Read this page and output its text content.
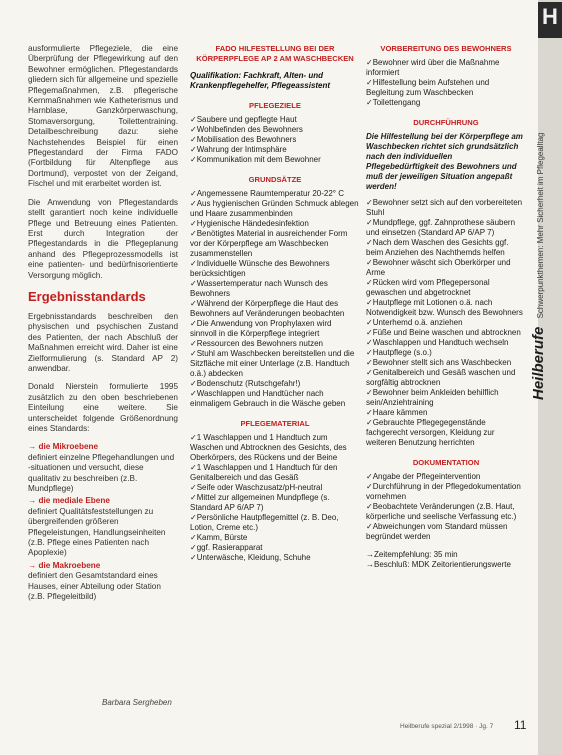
ausformulierte Pflegeziele, die eine Überprüfung der Pflegewirkung auf den Bewohner ermöglichen. Pflegestandards gliedern sich für allgemeine und spezielle Pflegemaßnahmen, z.B. pflegerische Kernmaßnahmen wie Katheterismus und Harnblase, Ganzkörperwaschung, Stomaversorgung, Toilettentraining. Detailbeschreibung dazu: siehe Nachstehendes Beispiel für einen Pflegestandard der Firma FADO (Fortbildung für Altenpflege aus Dortmund), verpostet von der Zeigand, Fischel und mit erarbeitet worden ist.

Die Anwendung von Pflegestandards stellt garantiert noch keine individuelle Pflege und Betreuung eines Patienten. Erst durch Integration der Pflegestandards in die Pflegeplanung anhand des Pflegeprozessmodells ist eine patienten- und bedürfnisorientierte Versorgung möglich.

Ergebnisstandards

Ergebnisstandards beschreiben den physischen und psychischen Zustand des Patienten, der nach Abschluß der Maßnahmen erreicht wird. Daher ist eine Zielformulierung (s. Standard AP 2) anwendbar.

Donald Nierstein formulierte 1995 zusätzlich zu den oben beschriebenen Einteilung eine weitere. Sie unterscheidet folgende Größenordnung eines Standards:

→ die Mikroebene
definiert einzelne Pflegehandlungen und -situationen und versucht, diese qualitativ zu beschreiben (z.B. Mundpflege)
→ die mediale Ebene
definiert Qualitätsfeststellungen zu übergreifenden größeren Pflegeleistungen, Handlungseinheiten (z.B. Pflege eines Patienten nach Apoplexie)
→ die Makroebene
definiert den Gesamtstandard eines Hauses, einer Abteilung oder Station (z.B. Pflegeleitbild)
Barbara Sergheben
FADO HILFESTELLUNG BEI DER KÖRPERPFLEGE AP 2 AM WASCHBECKEN
Qualifikation: Fachkraft, Alten- und Krankenpflegehelfer, Pflegeassistent
PFLEGEZIELE
✓ Saubere und gepflegte Haut
✓ Wohlbefinden des Bewohners
✓ Mobilisation des Bewohners
✓ Wahrung der Intimsphäre
✓ Kommunikation mit dem Bewohner
GRUNDSÄTZE
✓ Angemessene Raumtemperatur 20-22° C
✓ Aus hygienischen Gründen Schmuck ablegen und Haare zusammenbinden
✓ Hygienische Händedesinfektion
✓ Benötigtes Material in ausreichender Form vor der Körperpflege am Waschbecken zusammenstellen
✓ Individuelle Wünsche des Bewohners berücksichtigen
✓ Wassertemperatur nach Wunsch des Bewohners
✓ Während der Körperpflege die Haut des Bewohners auf Veränderungen beobachten
✓ Die Anwendung von Prophylaxen wird sinnvoll in die Körperpflege integriert
✓ Ressourcen des Bewohners nutzen
✓ Stuhl am Waschbecken bereitstellen und die Sitzfläche mit einer Unterlage (z.B. Handtuch o.ä.) abdecken
✓ Bodenschutz (Rutschgefahr!)
✓ Waschlappen und Handtücher nach einmaligem Gebrauch in die Wäsche geben
PFLEGEMATERIAL
✓ 1 Waschlappen und 1 Handtuch zum Waschen und Abtrocknen des Gesichts, des Oberkörpers, des Rückens und der Beine
✓ 1 Waschlappen und 1 Handtuch für den Genitalbereich und das Gesäß
✓ Seife oder Waschzusatz/pH-neutral
✓ Mittel zur allgemeinen Mundpflege (s. Standard AP 6/AP 7)
✓ Persönliche Hautpflegemittel (z. B. Deo, Lotion, Creme etc.)
✓ Kamm, Bürste
✓ ggf. Rasierapparat
✓ Unterwäsche, Kleidung, Schuhe
VORBEREITUNG DES BEWOHNERS
✓ Bewohner wird über die Maßnahme informiert
✓ Hilfestellung beim Aufstehen und Begleitung zum Waschbecken
✓ Toilettengang
DURCHFÜHRUNG
Die Hilfestellung bei der Körperpflege am Waschbecken richtet sich grundsätzlich nach den individuellen Pflegebedürftigkeit des Bewohners und muß der jeweiligen Situation angepaßt werden!
✓ Bewohner setzt sich auf den vorbereiteten Stuhl
✓ Mundpflege, ggf. Zahnprothese säubern und einsetzen (Standard AP 6/AP 7)
✓ Nach dem Waschen des Gesichts ggf. beim Anziehen des Nachthemds helfen
✓ Bewohner wäscht sich Oberkörper und Arme
✓ Rücken wird vom Pflegepersonal gewaschen und abgetrocknet
✓ Hautpflege mit Lotionen o.ä. nach Notwendigkeit bzw. Wunsch des Bewohners
✓ Unterhemd o.ä. anziehen
✓ Füße und Beine waschen und abtrocknen
✓ Waschlappen und Handtuch wechseln
✓ Hautpflege (s.o.)
✓ Bewohner stellt sich ans Waschbecken
✓ Genitalbereich und Gesäß waschen und sorgfältig abtrocknen
✓ Bewohner beim Ankleiden behilflich sein/Anziehtraining
✓ Haare kämmen
✓ Gebrauchte Pflegegegenstände fachgerecht versorgen, Kleidung zur weiteren Benutzung herrichten
DOKUMENTATION
✓ Angabe der Pflegeintervention
✓ Durchführung in der Pflegedokumentation vornehmen
✓ Beobachtete Veränderungen (z.B. Haut, körperliche und seelische Verfassung etc.)
✓ Abweichungen vom Standard müssen begründet werden
→Zeitempfehlung: 35 min
→Beschluß: MDK Zeitorientierungswerte
H
Heilberufe Schwerpunkthemen: Mehr Sicherheit im Pflegealltag
Heilberufe spezial 2/1998 · Jg. 7 11
